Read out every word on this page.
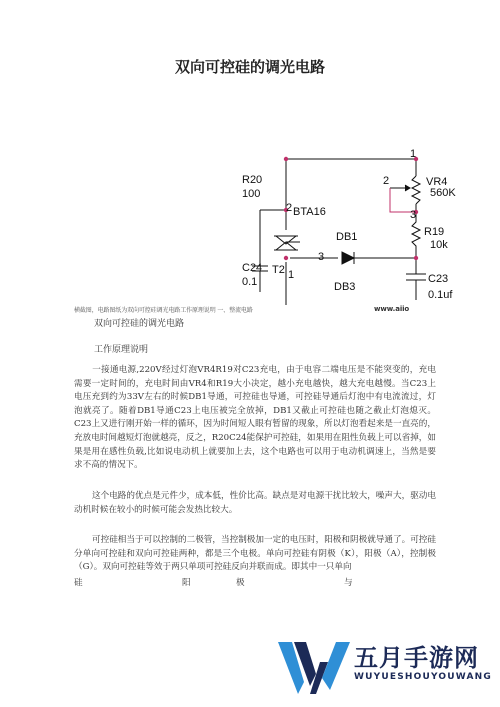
双向可控硅的调光电路
R20
100
2 BTA16
T2 1
C24
0.1
3
DB1
DB3
VR4
560K
1
2
3
R19
10k
C23
0.1uf
横截图，电路图纸为双向可控硅调光电路工作原理说明 一、整流电路	www.aiio
双向可控硅的调光电路
工作原理说明

一接通电源,220V经过灯泡VR4R19对C23充电，由于电容二端电压是不能突变的，充电需要一定时间的，充电时间由VR4和R19大小决定，越小充电越快，越大充电越慢。当C23上电压充到约为33V左右的时候DB1导通，可控硅也导通，可控硅导通后灯泡中有电流流过，灯泡就亮了。随着DB1导通C23上电压被完全放掉，DB1又截止可控硅也随之截止灯泡熄灭。C23上又进行刚开始一样的循环，因为时间短人眼有暂留的现象，所以灯泡看起来是一直亮的，充放电时间越短灯泡就越亮，反之，R20C24能保护可控硅，如果用在阻性负载上可以省掉，如果是用在感性负载,比如说电动机上就要加上去，这个电路也可以用于电动机调速上，当然是要求不高的情况下。

这个电路的优点是元件少，成本低，性价比高。缺点是对电源干扰比较大，噪声大，驱动电动机时候在较小的时候可能会发热比较大。

可控硅相当于可以控制的二极管，当控制极加一定的电压时，阳极和阴极就导通了。可控硅分单向可控硅和双向可控硅两种，都是三个电极。单向可控硅有阴极（K），阳极（A），控制极（G）。双向可控硅等效于两只单项可控硅反向并联而成。即其中一只单向

硅	阳	极	与
五月手游网
WUYUESHOUYOUWANG
